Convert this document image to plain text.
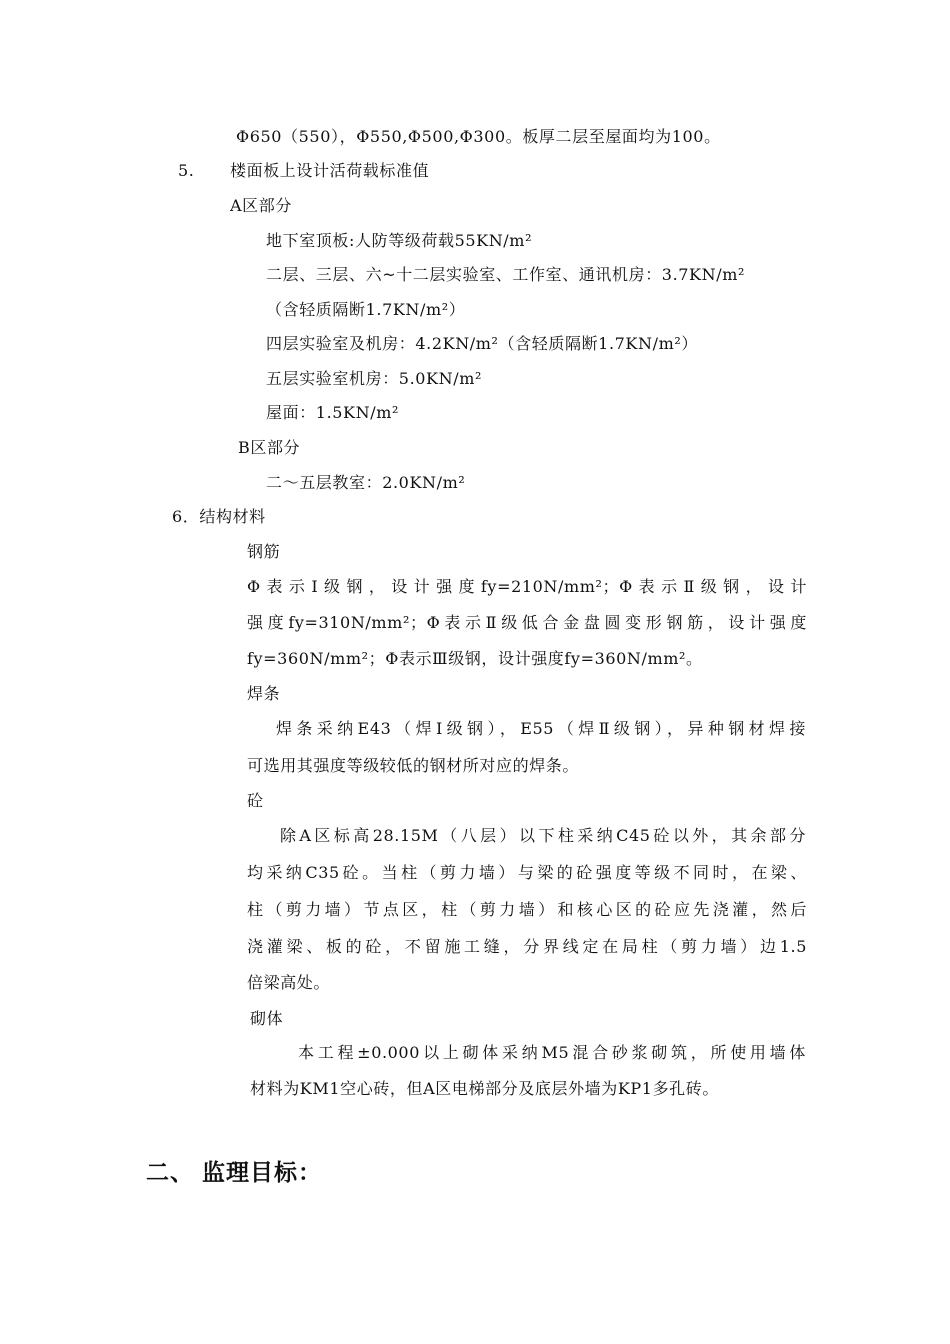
Φ650（550），Φ550,Φ500,Φ300。板厚二层至屋面均为100。
5. 楼面板上设计活荷载标准值
A区部分
地下室顶板:人防等级荷载55KN/m²
二层、三层、六~十二层实验室、工作室、通讯机房：3.7KN/m²
（含轻质隔断1.7KN/m²）
四层实验室及机房：4.2KN/m²（含轻质隔断1.7KN/m²）
五层实验室机房：5.0KN/m²
屋面：1.5KN/m²
B区部分
二～五层教室：2.0KN/m²
6．结构材料
钢筋
Φ表示Ⅰ级钢，设计强度fy=210N/mm²；Φ表示Ⅱ级钢，设计
强度fy=310N/mm²；Φ表示Ⅱ级低合金盘圆变形钢筋，设计强度
fy=360N/mm²；Φ表示Ⅲ级钢，设计强度fy=360N/mm²。
焊条
焊条采纳E43（焊Ⅰ级钢），E55（焊Ⅱ级钢），异种钢材焊接
可选用其强度等级较低的钢材所对应的焊条。
砼
除A区标高28.15M（八层）以下柱采纳C45砼以外，其余部分
均采纳C35砼。当柱（剪力墙）与梁的砼强度等级不同时，在梁、
柱（剪力墙）节点区，柱（剪力墙）和核心区的砼应先浇灌，然后
浇灌梁、板的砼，不留施工缝，分界线定在局柱（剪力墙）边1.5
倍梁高处。
砌体
本工程±0.000以上砌体采纳M5混合砂浆砌筑，所使用墙体
材料为KM1空心砖，但A区电梯部分及底层外墙为KP1多孔砖。
二、 监理目标：
